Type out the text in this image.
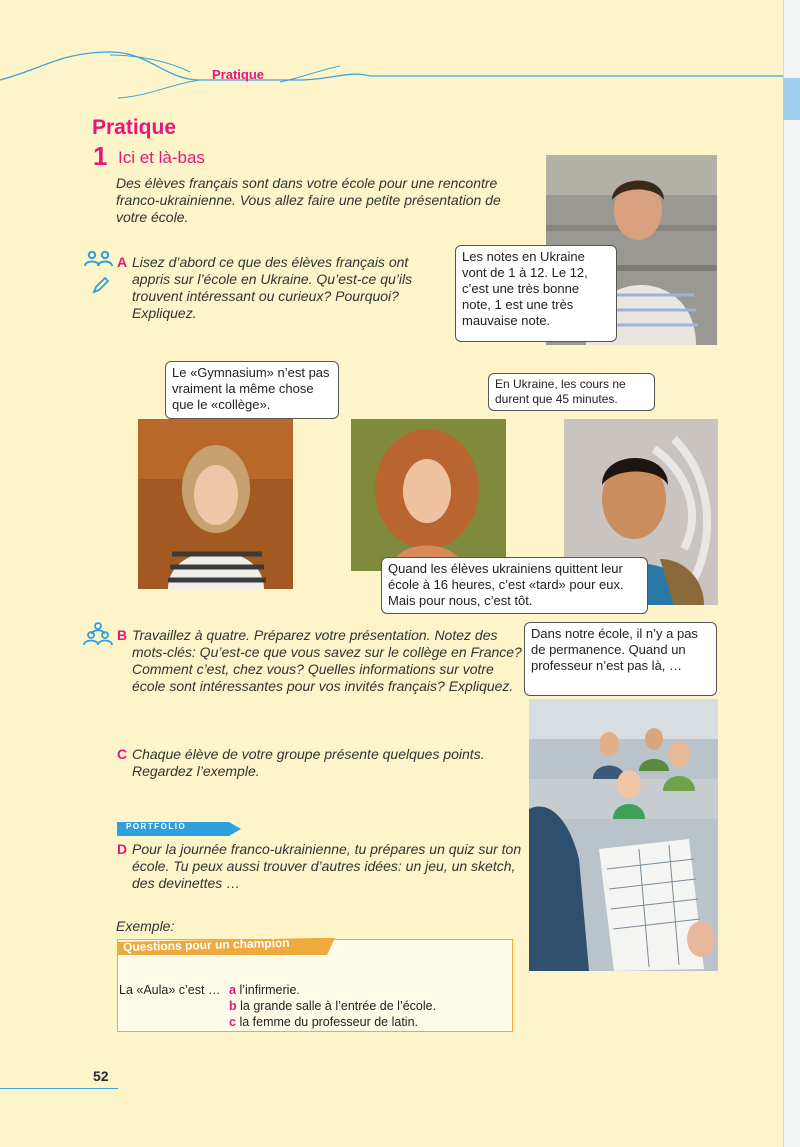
Pratique
Pratique
1 Ici et là-bas
Des élèves français sont dans votre école pour une rencontre franco-ukrainienne. Vous allez faire une petite présentation de votre école.
A Lisez d’abord ce que des élèves français ont appris sur l’école en Ukraine. Qu’est-ce qu’ils trouvent intéressant ou curieux? Pourquoi? Expliquez.
Les notes en Ukraine vont de 1 à 12. Le 12, c’est une très bonne note, 1 est une très mauvaise note.
Le «Gymnasium» n’est pas vraiment la même chose que le «collège».
En Ukraine, les cours ne durent que 45 minutes.
Quand les élèves ukrainiens quittent leur école à 16 heures, c’est «tard» pour eux. Mais pour nous, c’est tôt.
B Travaillez à quatre. Préparez votre présentation. Notez des mots-clés: Qu’est-ce que vous savez sur le collège en France? Comment c’est, chez vous? Quelles informations sur votre école sont intéressantes pour vos invités français? Expliquez.
C Chaque élève de votre groupe présente quelques points. Regardez l’exemple.
Dans notre école, il n’y a pas de permanence. Quand un professeur n’est pas là, …
PORTFOLIO
D Pour la journée franco-ukrainienne, tu prépares un quiz sur ton école. Tu peux aussi trouver d’autres idées: un jeu, un sketch, des devinettes …
Exemple:
Questions pour un champion
La «Aula» c’est … a l’infirmerie.
b la grande salle à l’entrée de l’école.
c la femme du professeur de latin.
52
